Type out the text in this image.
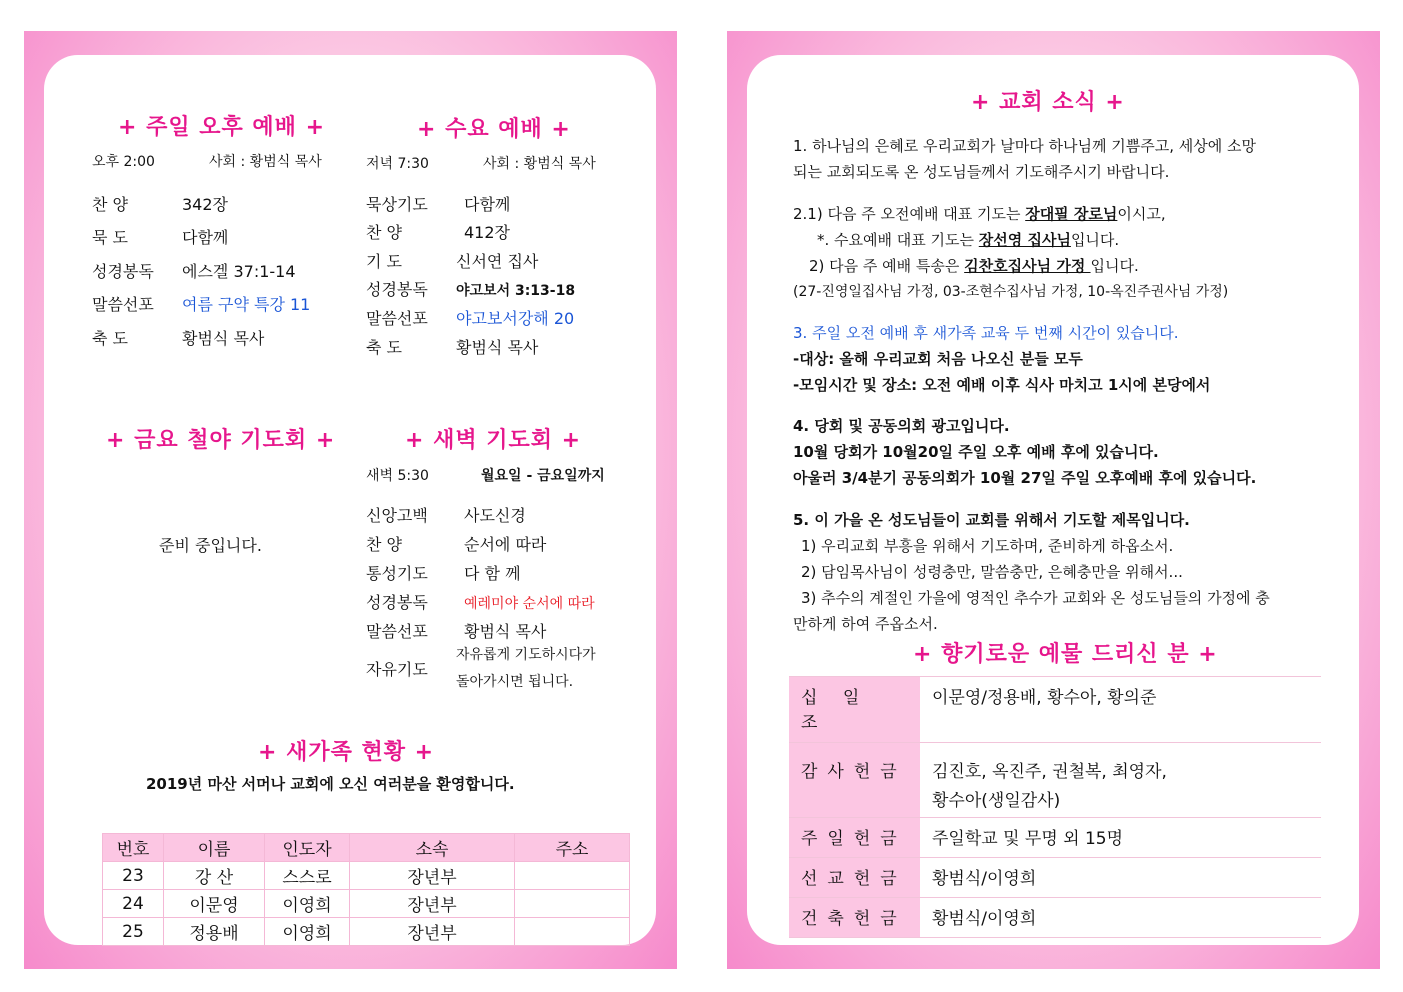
+ 주일 오후 예배 +
오후 2:00	사회 : 황범식 목사
찬 양	342장
묵 도	다함께
성경봉독 에스겔 37:1-14
말씀선포 여름 구약 특강 11
축 도	황범식 목사
+ 수요 예배 +
저녁 7:30	사회 : 황범식 목사
묵상기도 다함께
찬 양	412장
기 도	신서연 집사
성경봉독 야고보서 3:13-18
말씀선포 야고보서강해 20
축 도	황범식 목사
+ 금요 철야 기도회 +
준비 중입니다.
+ 새벽 기도회 +
새벽 5:30	월요일 - 금요일까지
신앙고백 사도신경
찬 양	순서에 따라
통성기도 다 함 께
성경봉독	예레미야 순서에 따라
말씀선포 황범식 목사
자유기도
자유롭게 기도하시다가
돌아가시면 됩니다.
+ 새가족 현황 +
2019년 마산 서머나 교회에 오신 여러분을 환영합니다.
번호	이름	인도자	소속	주소
23	강 산	스스로	장년부	
24	이문영	이영희	장년부	
25	정용배	이영희	장년부	
+ 교회 소식 +
1. 하나님의 은혜로 우리교회가 날마다 하나님께 기쁨주고, 세상에 소망
되는 교회되도록 온 성도님들께서 기도해주시기 바랍니다.
2.1) 다음 주 오전예배 대표 기도는 장대필 장로님이시고,
*. 수요예배 대표 기도는 장선영 집사님입니다.
2) 다음 주 예배 특송은 김찬호집사님 가정 입니다.
(27-진영일집사님 가정, 03-조현수집사님 가정, 10-옥진주권사님 가정)
3. 주일 오전 예배 후 새가족 교육 두 번째 시간이 있습니다.
-대상: 올해 우리교회 처음 나오신 분들 모두
-모임시간 및 장소: 오전 예배 이후 식사 마치고 1시에 본당에서
4. 당회 및 공동의회 광고입니다.
10월 당회가 10월20일 주일 오후 예배 후에 있습니다.
아울러 3/4분기 공동의회가 10월 27일 주일 오후예배 후에 있습니다.
5. 이 가을 온 성도님들이 교회를 위해서 기도할 제목입니다.
1) 우리교회 부흥을 위해서 기도하며, 준비하게 하옵소서.
2) 담임목사님이 성령충만, 말씀충만, 은혜충만을 위해서...
3) 추수의 계절인 가을에 영적인 추수가 교회와 온 성도님들의 가정에 충
만하게 하여 주옵소서.
+ 향기로운 예물 드리신 분 +
십 일 조	이문영/정용배, 황수아, 황의준

감사헌금	김진호, 옥진주, 권철복, 최영자,
황수아(생일감사)

주일헌금	주일학교 및 무명 외 15명

선교헌금	황범식/이영희

건축헌금	황범식/이영희
